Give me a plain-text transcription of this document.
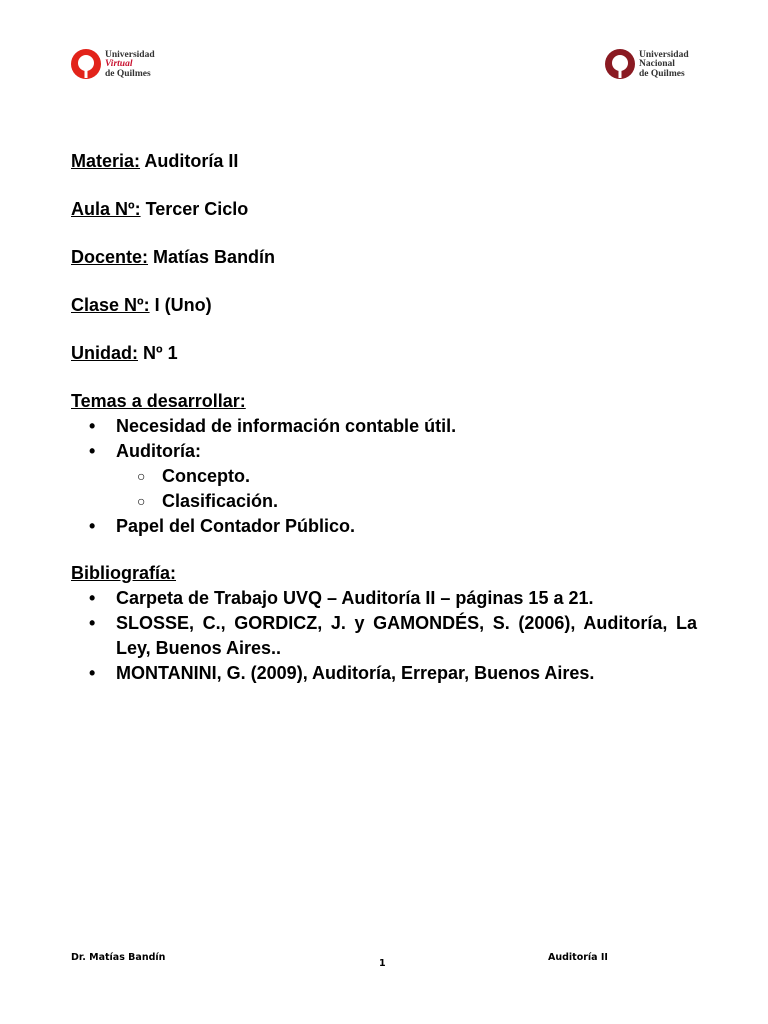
Universidad
Virtual
de Quilmes
Universidad
Nacional
de Quilmes
Materia: Auditoría II
Aula Nº: Tercer Ciclo
Docente: Matías Bandín
Clase Nº: I (Uno)
Unidad: Nº 1
Temas a desarrollar:
• Necesidad de información contable útil.
• Auditoría:
○ Concepto.
○ Clasificación.
• Papel del Contador Público.
Bibliografía:
• Carpeta de Trabajo UVQ – Auditoría II – páginas 15 a 21.
• SLOSSE, C., GORDICZ, J. y GAMONDÉS, S. (2006), Auditoría, La Ley, Buenos Aires..
• MONTANINI, G. (2009), Auditoría, Errepar, Buenos Aires.
Dr. Matías Bandín
1
Auditoría II
